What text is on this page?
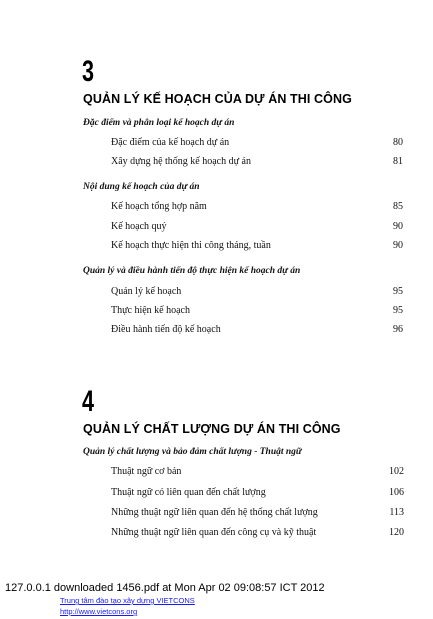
3
QUẢN LÝ KẾ HOẠCH CỦA DỰ ÁN THI CÔNG
Đặc điểm và phân loại kế hoạch dự án
Đặc điểm của kế hoạch dự án	80
Xây dựng hệ thống kế hoạch dự án	81
Nội dung kế hoạch của dự án
Kế hoạch tổng hợp năm	85
Kế hoạch quý	90
Kế hoạch thực hiện thi công tháng, tuần	90
Quản lý và điều hành tiến độ thực hiện kế hoạch dự án
Quản lý kế hoạch	95
Thực hiện kế hoạch	95
Điều hành tiến độ kế hoạch	96
4
QUẢN LÝ CHẤT LƯỢNG DỰ ÁN THI CÔNG
Quản lý chất lượng và bảo đảm chất lượng - Thuật ngữ
Thuật ngữ cơ bản	102
Thuật ngữ có liên quan đến chất lượng	106
Những thuật ngữ liên quan đến hệ thống chất lượng	113
Những thuật ngữ liên quan đến công cụ và kỹ thuật	120
127.0.0.1 downloaded 1456.pdf at Mon Apr 02 09:08:57 ICT 2012
Trung tâm đào tạo xây dựng VIETCONS
http://www.vietcons.org
